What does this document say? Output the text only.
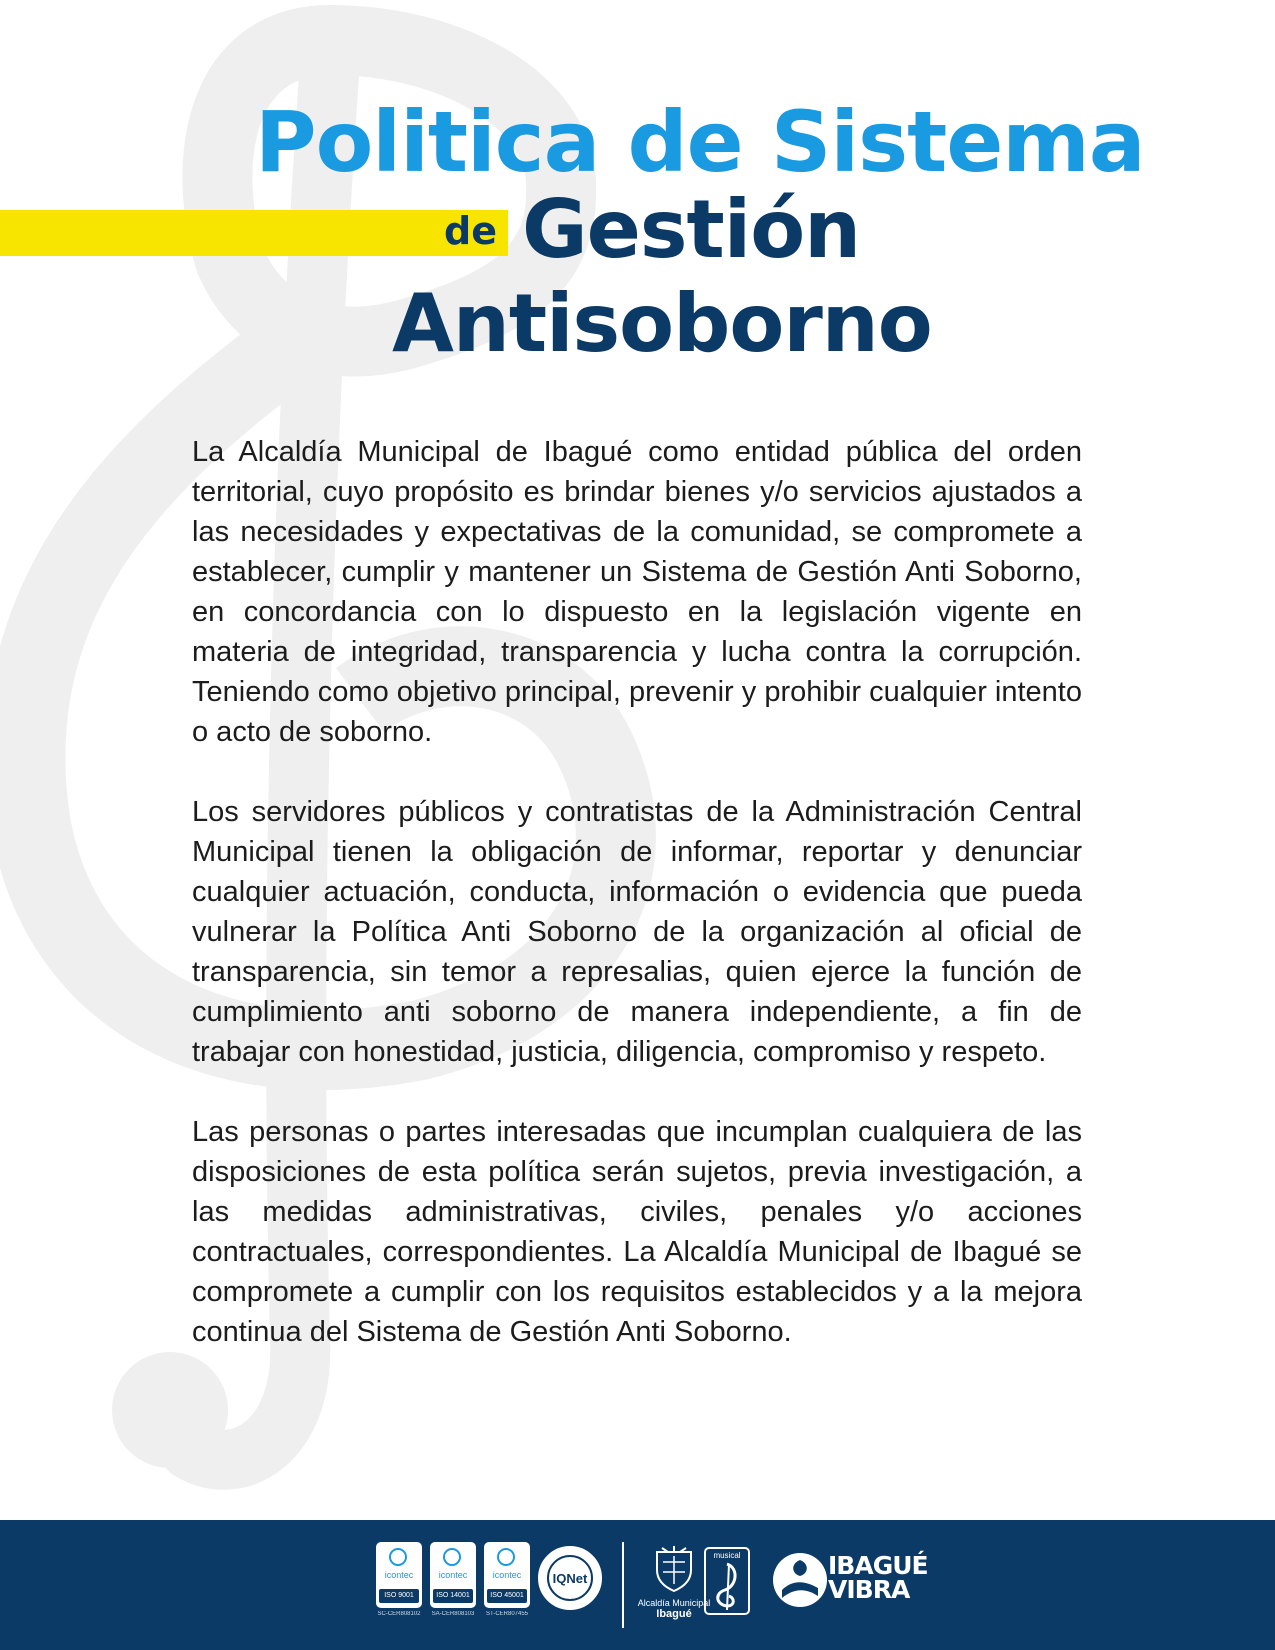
Politica de Sistema
de Gestión
Antisoborno

La Alcaldía Municipal de Ibagué como entidad pública del orden territorial, cuyo propósito es brindar bienes y/o servicios ajustados a las necesidades y expectativas de la comunidad, se compromete a establecer, cumplir y mantener un Sistema de Gestión Anti Soborno, en concordancia con lo dispuesto en la legislación vigente en materia de integridad, transparencia y lucha contra la corrupción. Teniendo como objetivo principal, prevenir y prohibir cualquier intento o acto de soborno.

Los servidores públicos y contratistas de la Administración Central Municipal tienen la obligación de informar, reportar y denunciar cualquier actuación, conducta, información o evidencia que pueda vulnerar la Política Anti Soborno de la organización al oficial de transparencia, sin temor a represalias, quien ejerce la función de cumplimiento anti soborno de manera independiente, a fin de trabajar con honestidad, justicia, diligencia, compromiso y respeto.

Las personas o partes interesadas que incumplan cualquiera de las disposiciones de esta política serán sujetos, previa investigación, a las medidas administrativas, civiles, penales y/o acciones contractuales, correspondientes. La Alcaldía Municipal de Ibagué se compromete a cumplir con los requisitos establecidos y a la mejora continua del Sistema de Gestión Anti Soborno.

icontec
ISO 9001
SC-CER808102
icontec
ISO 14001
SA-CER808103
icontec
ISO 45001
ST-CER807455
IQNet
Alcaldía Municipal
Ibagué
musical	IBAGUÉ
VIBRA
